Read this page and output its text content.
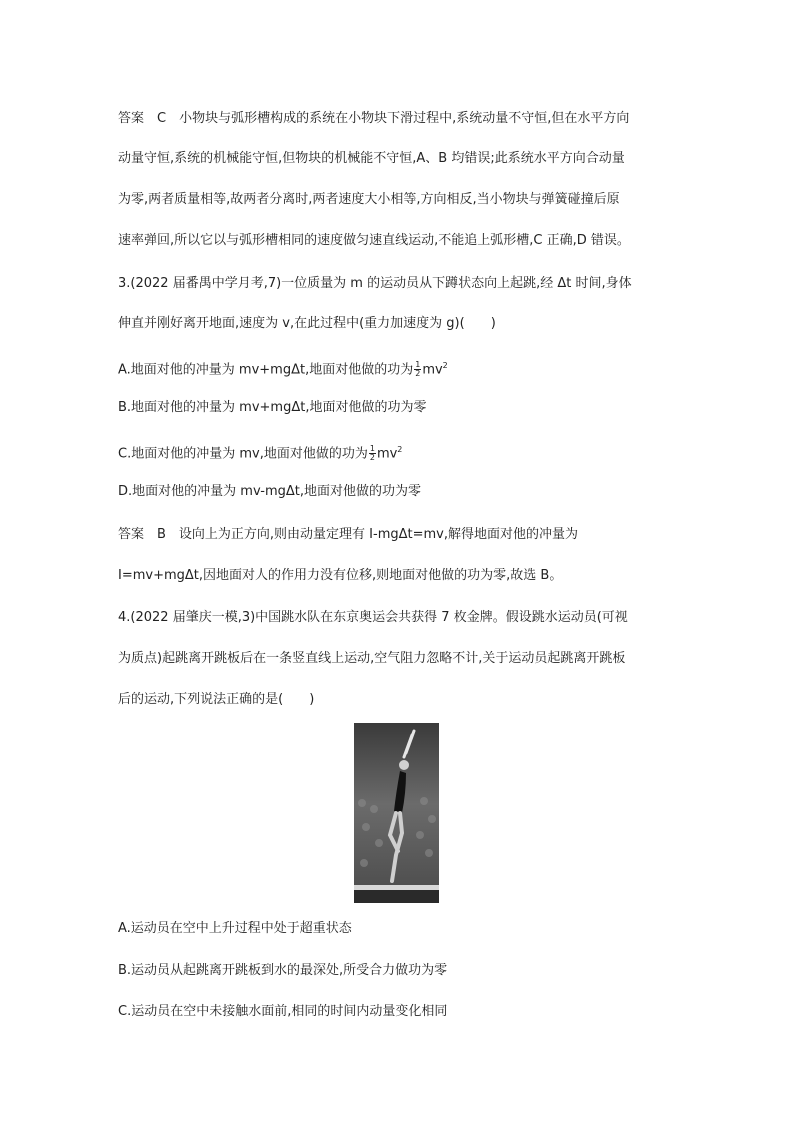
答案　C　小物块与弧形槽构成的系统在小物块下滑过程中,系统动量不守恒,但在水平方向
动量守恒,系统的机械能守恒,但物块的机械能不守恒,A、B 均错误;此系统水平方向合动量
为零,两者质量相等,故两者分离时,两者速度大小相等,方向相反,当小物块与弹簧碰撞后原
速率弹回,所以它以与弧形槽相同的速度做匀速直线运动,不能追上弧形槽,C 正确,D 错误。
3.(2022 届番禺中学月考,7)一位质量为 m 的运动员从下蹲状态向上起跳,经 Δt 时间,身体
伸直并刚好离开地面,速度为 v,在此过程中(重力加速度为 g)(　　)
A.地面对他的冲量为 mv+mgΔt,地面对他做的功为 $\frac{1}{2} mv^2$
B.地面对他的冲量为 mv+mgΔt,地面对他做的功为零
C.地面对他的冲量为 mv,地面对他做的功为 $\frac{1}{2} mv^2$
D.地面对他的冲量为 mv-mgΔt,地面对他做的功为零
答案　B　设向上为正方向,则由动量定理有 I-mgΔt=mv,解得地面对他的冲量为
I=mv+mgΔt,因地面对人的作用力没有位移,则地面对他做的功为零,故选 B。
4.(2022 届肇庆一模,3)中国跳水队在东京奥运会共获得 7 枚金牌。假设跳水运动员(可视
为质点)起跳离开跳板后在一条竖直线上运动,空气阻力忽略不计,关于运动员起跳离开跳板
后的运动,下列说法正确的是(　　)
A.运动员在空中上升过程中处于超重状态
B.运动员从起跳离开跳板到水的最深处,所受合力做功为零
C.运动员在空中未接触水面前,相同的时间内动量变化相同
